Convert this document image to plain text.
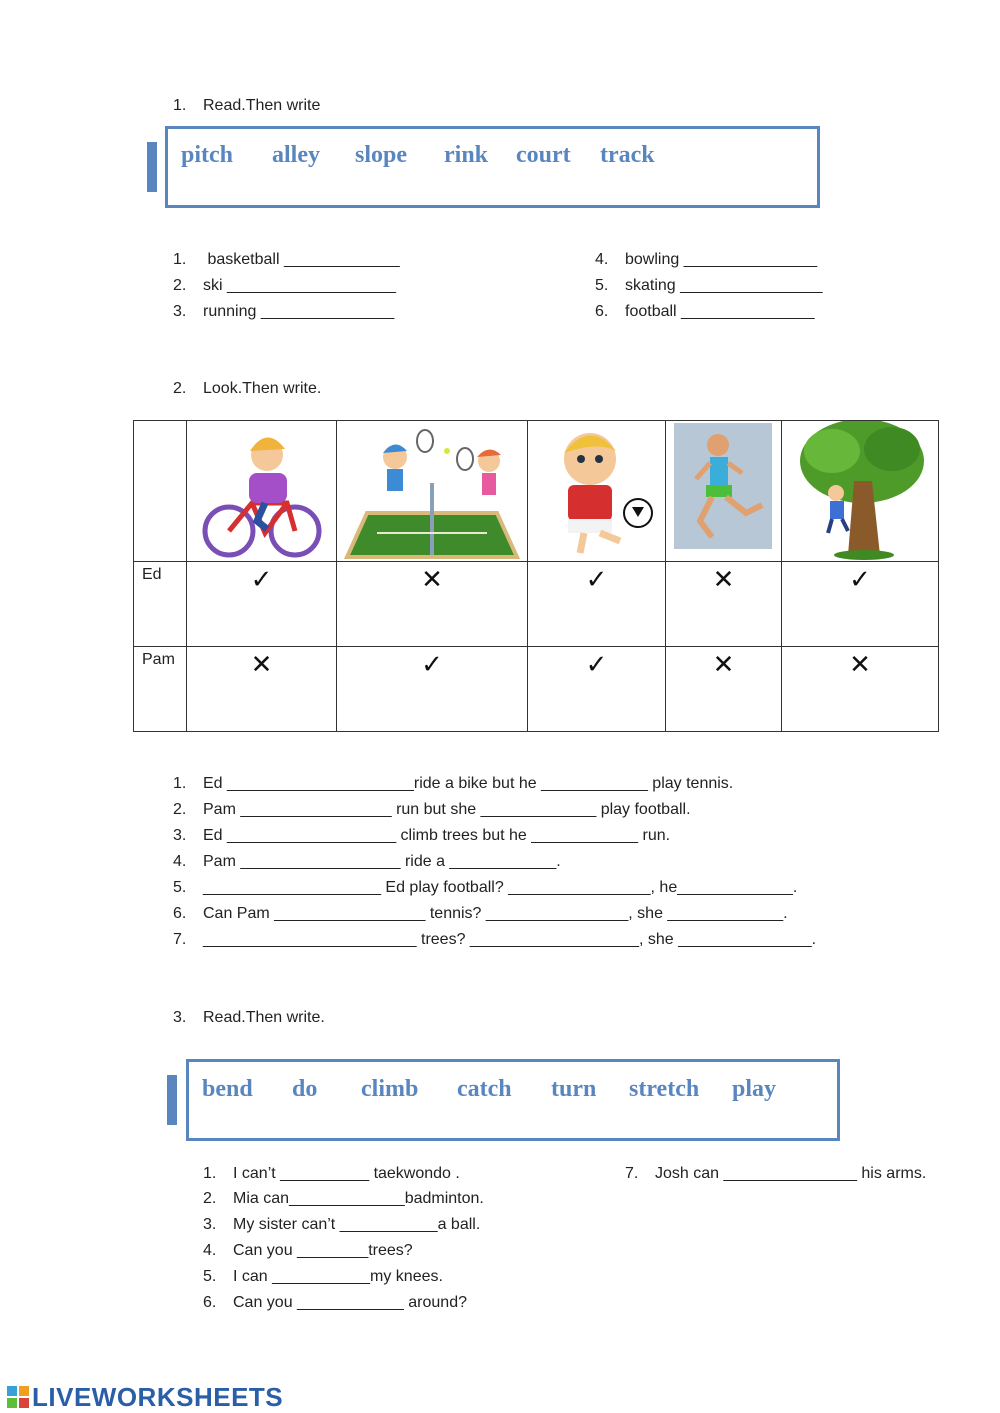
1. Read.Then write
pitch alley slope rink court track
1. basketball _____________
2. ski ___________________
3. running _______________
4. bowling _______________
5. skating ________________
6. football _______________
2. Look.Then write.

Ed	✓	✕	✓	✕	✓

Pam	✕	✓	✓	✕	✕
1. Ed _____________________ride a bike but he ____________ play tennis.
2. Pam _________________ run but she _____________ play football.
3. Ed ___________________ climb trees but he ____________ run.
4. Pam __________________ ride a ____________.
5. ____________________ Ed play football? ________________, he_____________.
6. Can Pam _________________ tennis? ________________, she _____________.
7. ________________________ trees? ___________________, she _______________.
3. Read.Then write.
bend do climb catch turn stretch play
1. I can’t __________ taekwondo .
2. Mia can_____________badminton.
3. My sister can’t ___________a ball.
4. Can you ________trees?
5. I can ___________my knees.
6. Can you ____________ around?
7. Josh can _______________ his arms.
LIVEWORKSHEETS
